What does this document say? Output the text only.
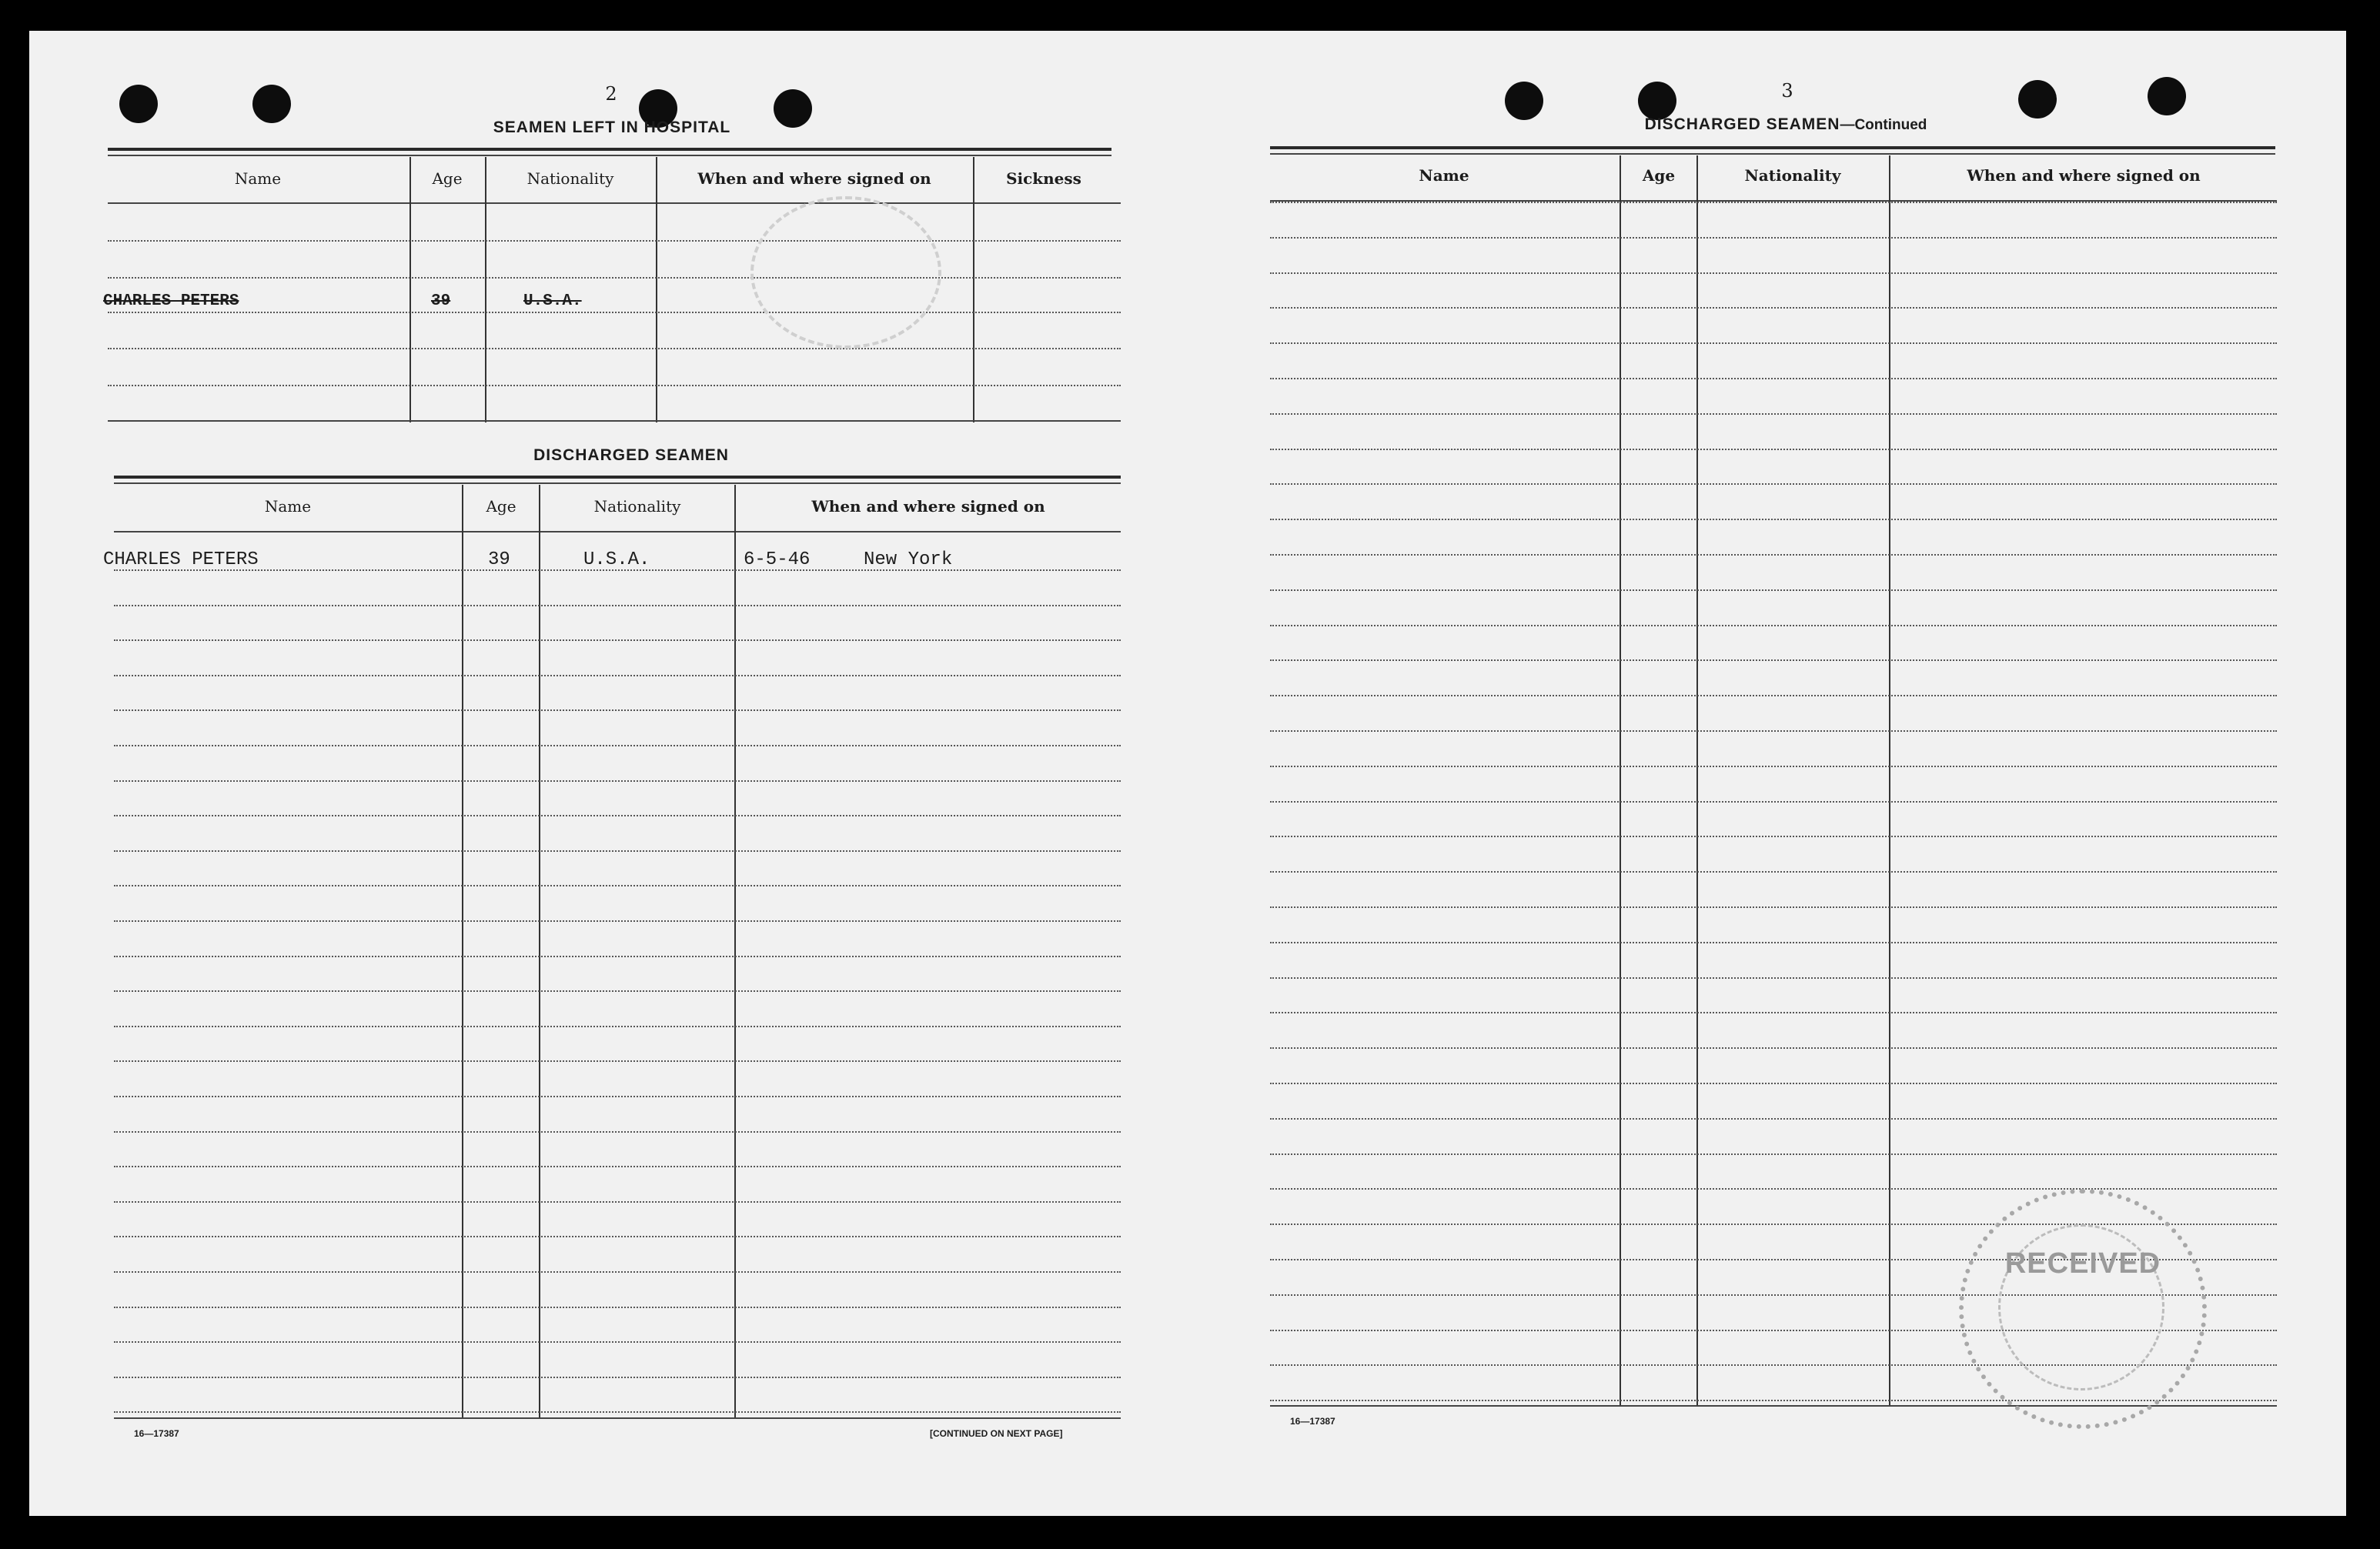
2
SEAMEN LEFT IN HOSPITAL
Name	Age	Nationality	When and where signed on	Sickness
CHARLES PETERS	39	U.S.A.
DISCHARGED SEAMEN
Name	Age	Nationality	When and where signed on
CHARLES PETERS	39	U.S.A.	6-5-46	New York
16—17387	[CONTINUED ON NEXT PAGE]
3
DISCHARGED SEAMEN—Continued
Name	Age	Nationality	When and where signed on
16—17387
RECEIVED
